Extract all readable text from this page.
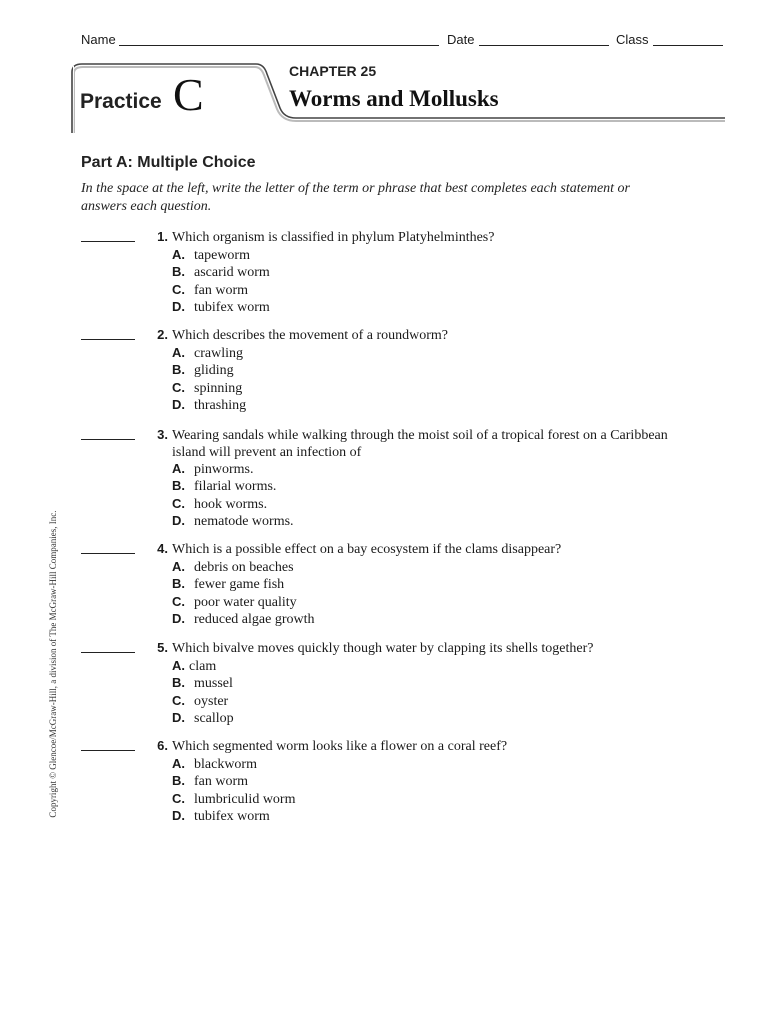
Name	Date	Class
Practice C	CHAPTER 25
Worms and Mollusks
Part A: Multiple Choice
In the space at the left, write the letter of the term or phrase that best completes each statement or answers each question.
Copyright © Glencoe/McGraw-Hill, a division of The McGraw-Hill Companies, Inc.
1. Which organism is classified in phylum Platyhelminthes?
A. tapeworm
B. ascarid worm
C. fan worm
D. tubifex worm
2. Which describes the movement of a roundworm?
A. crawling
B. gliding
C. spinning
D. thrashing
3. Wearing sandals while walking through the moist soil of a tropical forest on a Caribbean island will prevent an infection of
A. pinworms.
B. filarial worms.
C. hook worms.
D. nematode worms.
4. Which is a possible effect on a bay ecosystem if the clams disappear?
A. debris on beaches
B. fewer game fish
C. poor water quality
D. reduced algae growth
5. Which bivalve moves quickly though water by clapping its shells together?
A. clam
B. mussel
C. oyster
D. scallop
6. Which segmented worm looks like a flower on a coral reef?
A. blackworm
B. fan worm
C. lumbriculid worm
D. tubifex worm
